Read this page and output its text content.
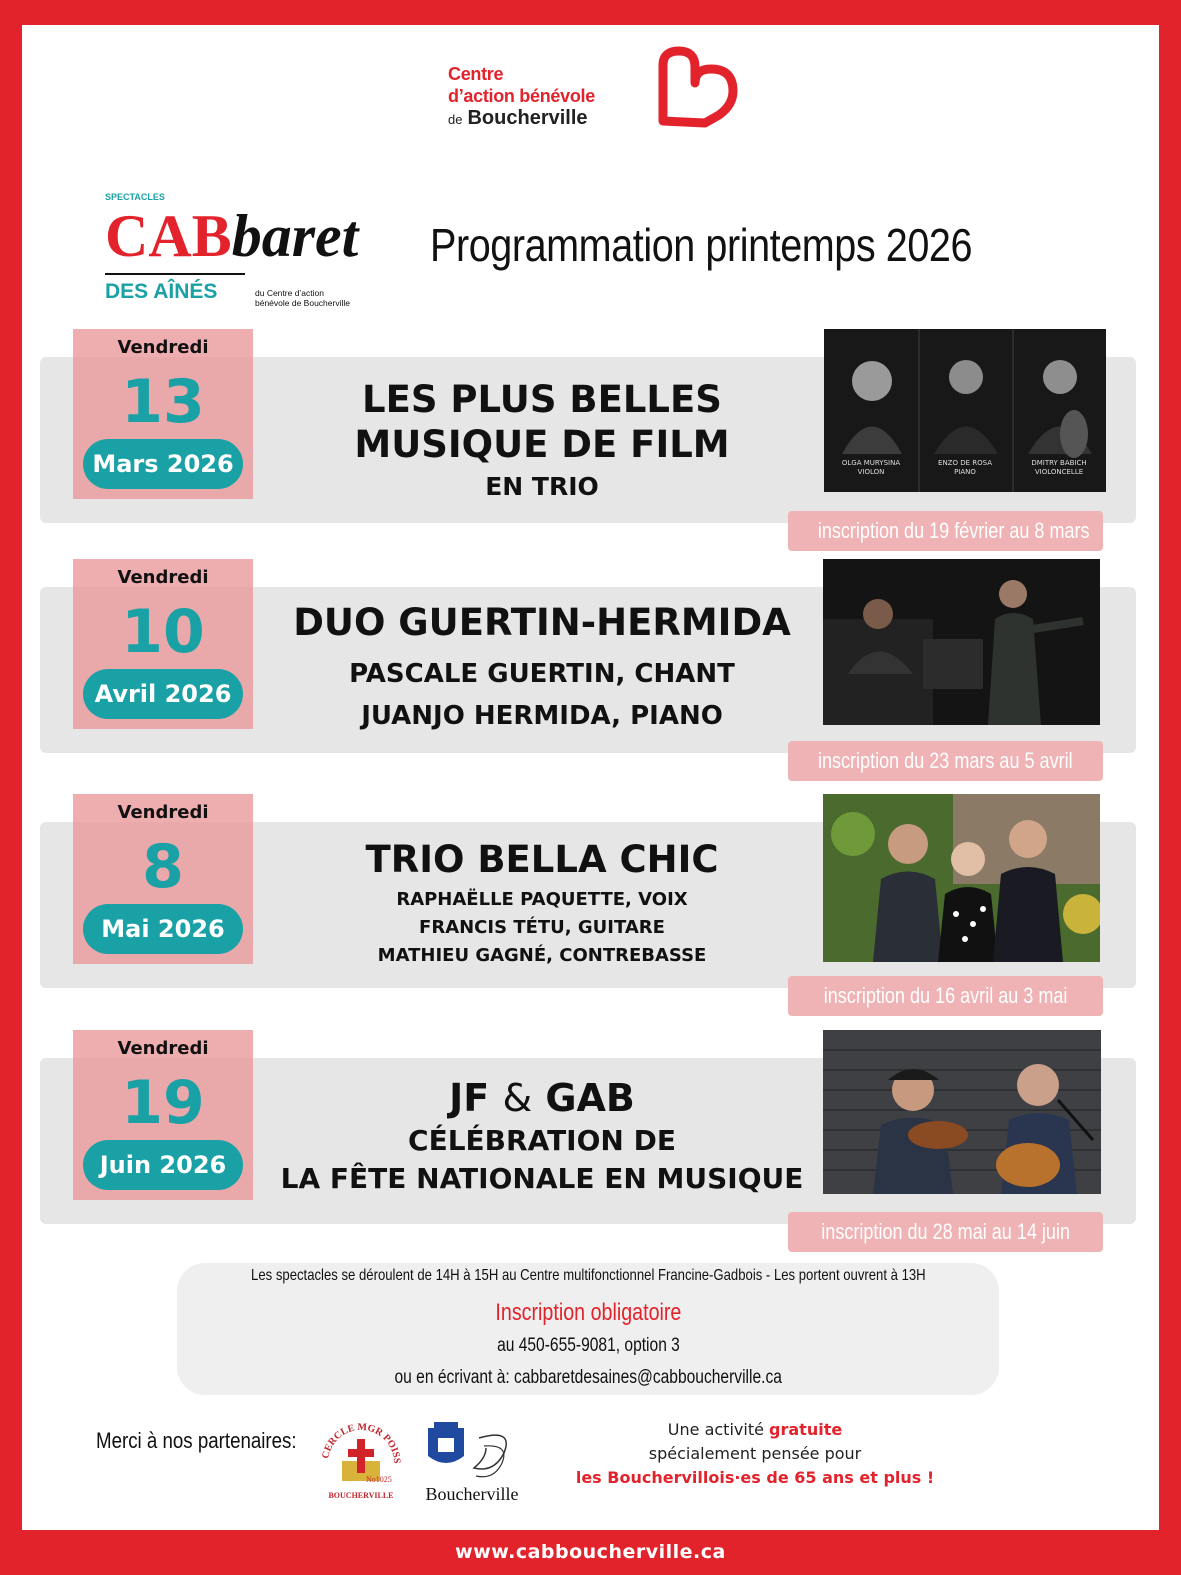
Centre
d’action bénévole
de Boucherville
SPECTACLES
CABbaret
DES AÎNÉS	du Centre d’action
bénévole de Boucherville
Programmation printemps 2026
Vendredi
13
Mars 2026
LES PLUS BELLES
MUSIQUE DE FILM
EN TRIO
OLGA MURYSINA
VIOLON
ENZO DE ROSA
PIANO
DMITRY BABICH
VIOLONCELLE
inscription du 19 février au 8 mars
Vendredi
10
Avril 2026
DUO GUERTIN-HERMIDA
PASCALE GUERTIN, CHANT
JUANJO HERMIDA, PIANO
inscription du 23 mars au 5 avril
Vendredi
8
Mai 2026
TRIO BELLA CHIC
RAPHAËLLE PAQUETTE, VOIX
FRANCIS TÉTU, GUITARE
MATHIEU GAGNÉ, CONTREBASSE
inscription du 16 avril au 3 mai
Vendredi
19
Juin 2026
JF & GAB
CÉLÉBRATION DE
LA FÊTE NATIONALE EN MUSIQUE
inscription du 28 mai au 14 juin
Les spectacles se déroulent de 14H à 15H au Centre multifonctionnel Francine-Gadbois - Les portent ouvrent à 13H
Inscription obligatoire
au 450-655-9081, option 3
ou en écrivant à: cabbaretdesaines@cabboucherville.ca
Merci à nos partenaires:
CERCLE MGR POISS
No1025
BOUCHERVILLE	Boucherville
Une activité gratuite
spécialement pensée pour
les Bouchervillois·es de 65 ans et plus !
www.cabboucherville.ca
